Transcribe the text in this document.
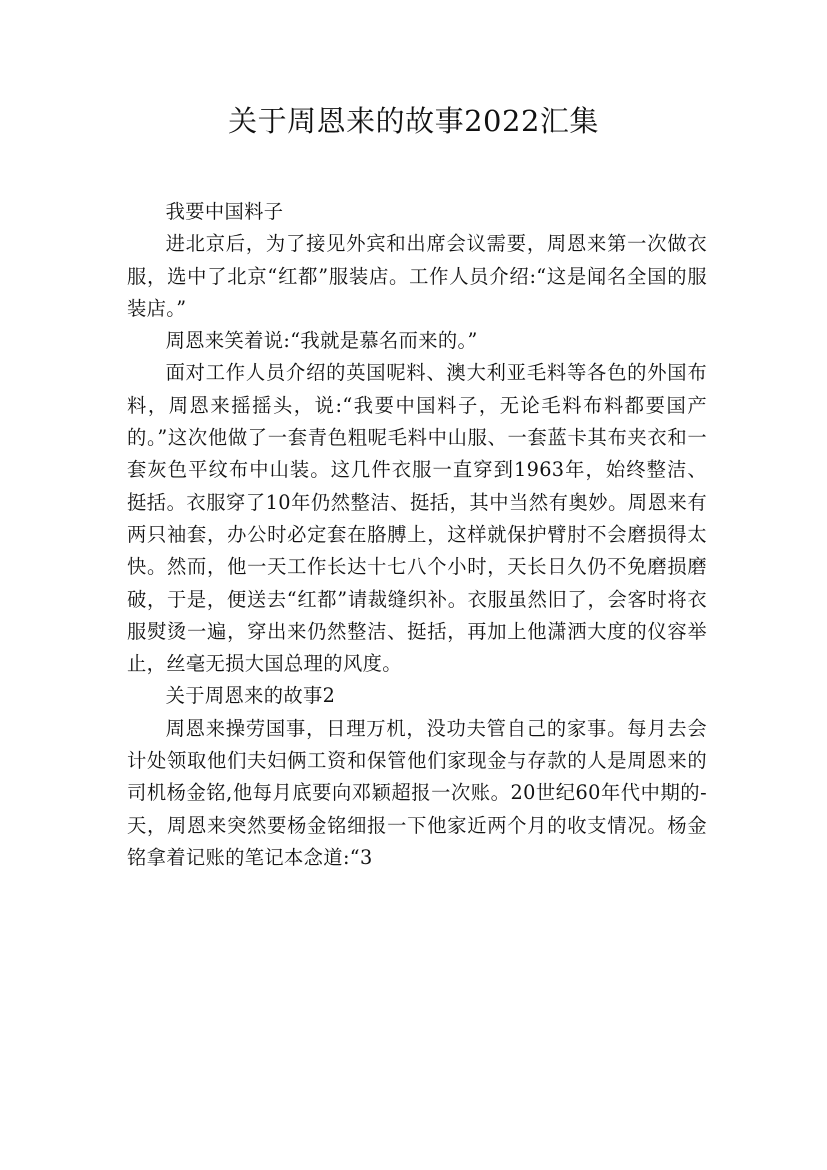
关于周恩来的故事2022汇集

我要中国料子

进北京后，为了接见外宾和出席会议需要，周恩来第一次做衣服，选中了北京“红都”服装店。工作人员介绍:“这是闻名全国的服装店。”

周恩来笑着说:“我就是慕名而来的。”

面对工作人员介绍的英国呢料、澳大利亚毛料等各色的外国布料，周恩来摇摇头，说:“我要中国料子，无论毛料布料都要国产的。”这次他做了一套青色粗呢毛料中山服、一套蓝卡其布夹衣和一套灰色平纹布中山装。这几件衣服一直穿到1963年，始终整洁、挺括。衣服穿了10年仍然整洁、挺括，其中当然有奥妙。周恩来有两只袖套，办公时必定套在胳膊上，这样就保护臂肘不会磨损得太快。然而，他一天工作长达十七八个小时，天长日久仍不免磨损磨破，于是，便送去“红都”请裁缝织补。衣服虽然旧了，会客时将衣服熨烫一遍，穿出来仍然整洁、挺括，再加上他潇洒大度的仪容举止，丝毫无损大国总理的风度。

关于周恩来的故事2

周恩来操劳国事，日理万机，没功夫管自己的家事。每月去会计处领取他们夫妇俩工资和保管他们家现金与存款的人是周恩来的司机杨金铭,他每月底要向邓颖超报一次账。20世纪60年代中期的-天，周恩来突然要杨金铭细报一下他家近两个月的收支情况。杨金铭拿着记账的笔记本念道:“3
